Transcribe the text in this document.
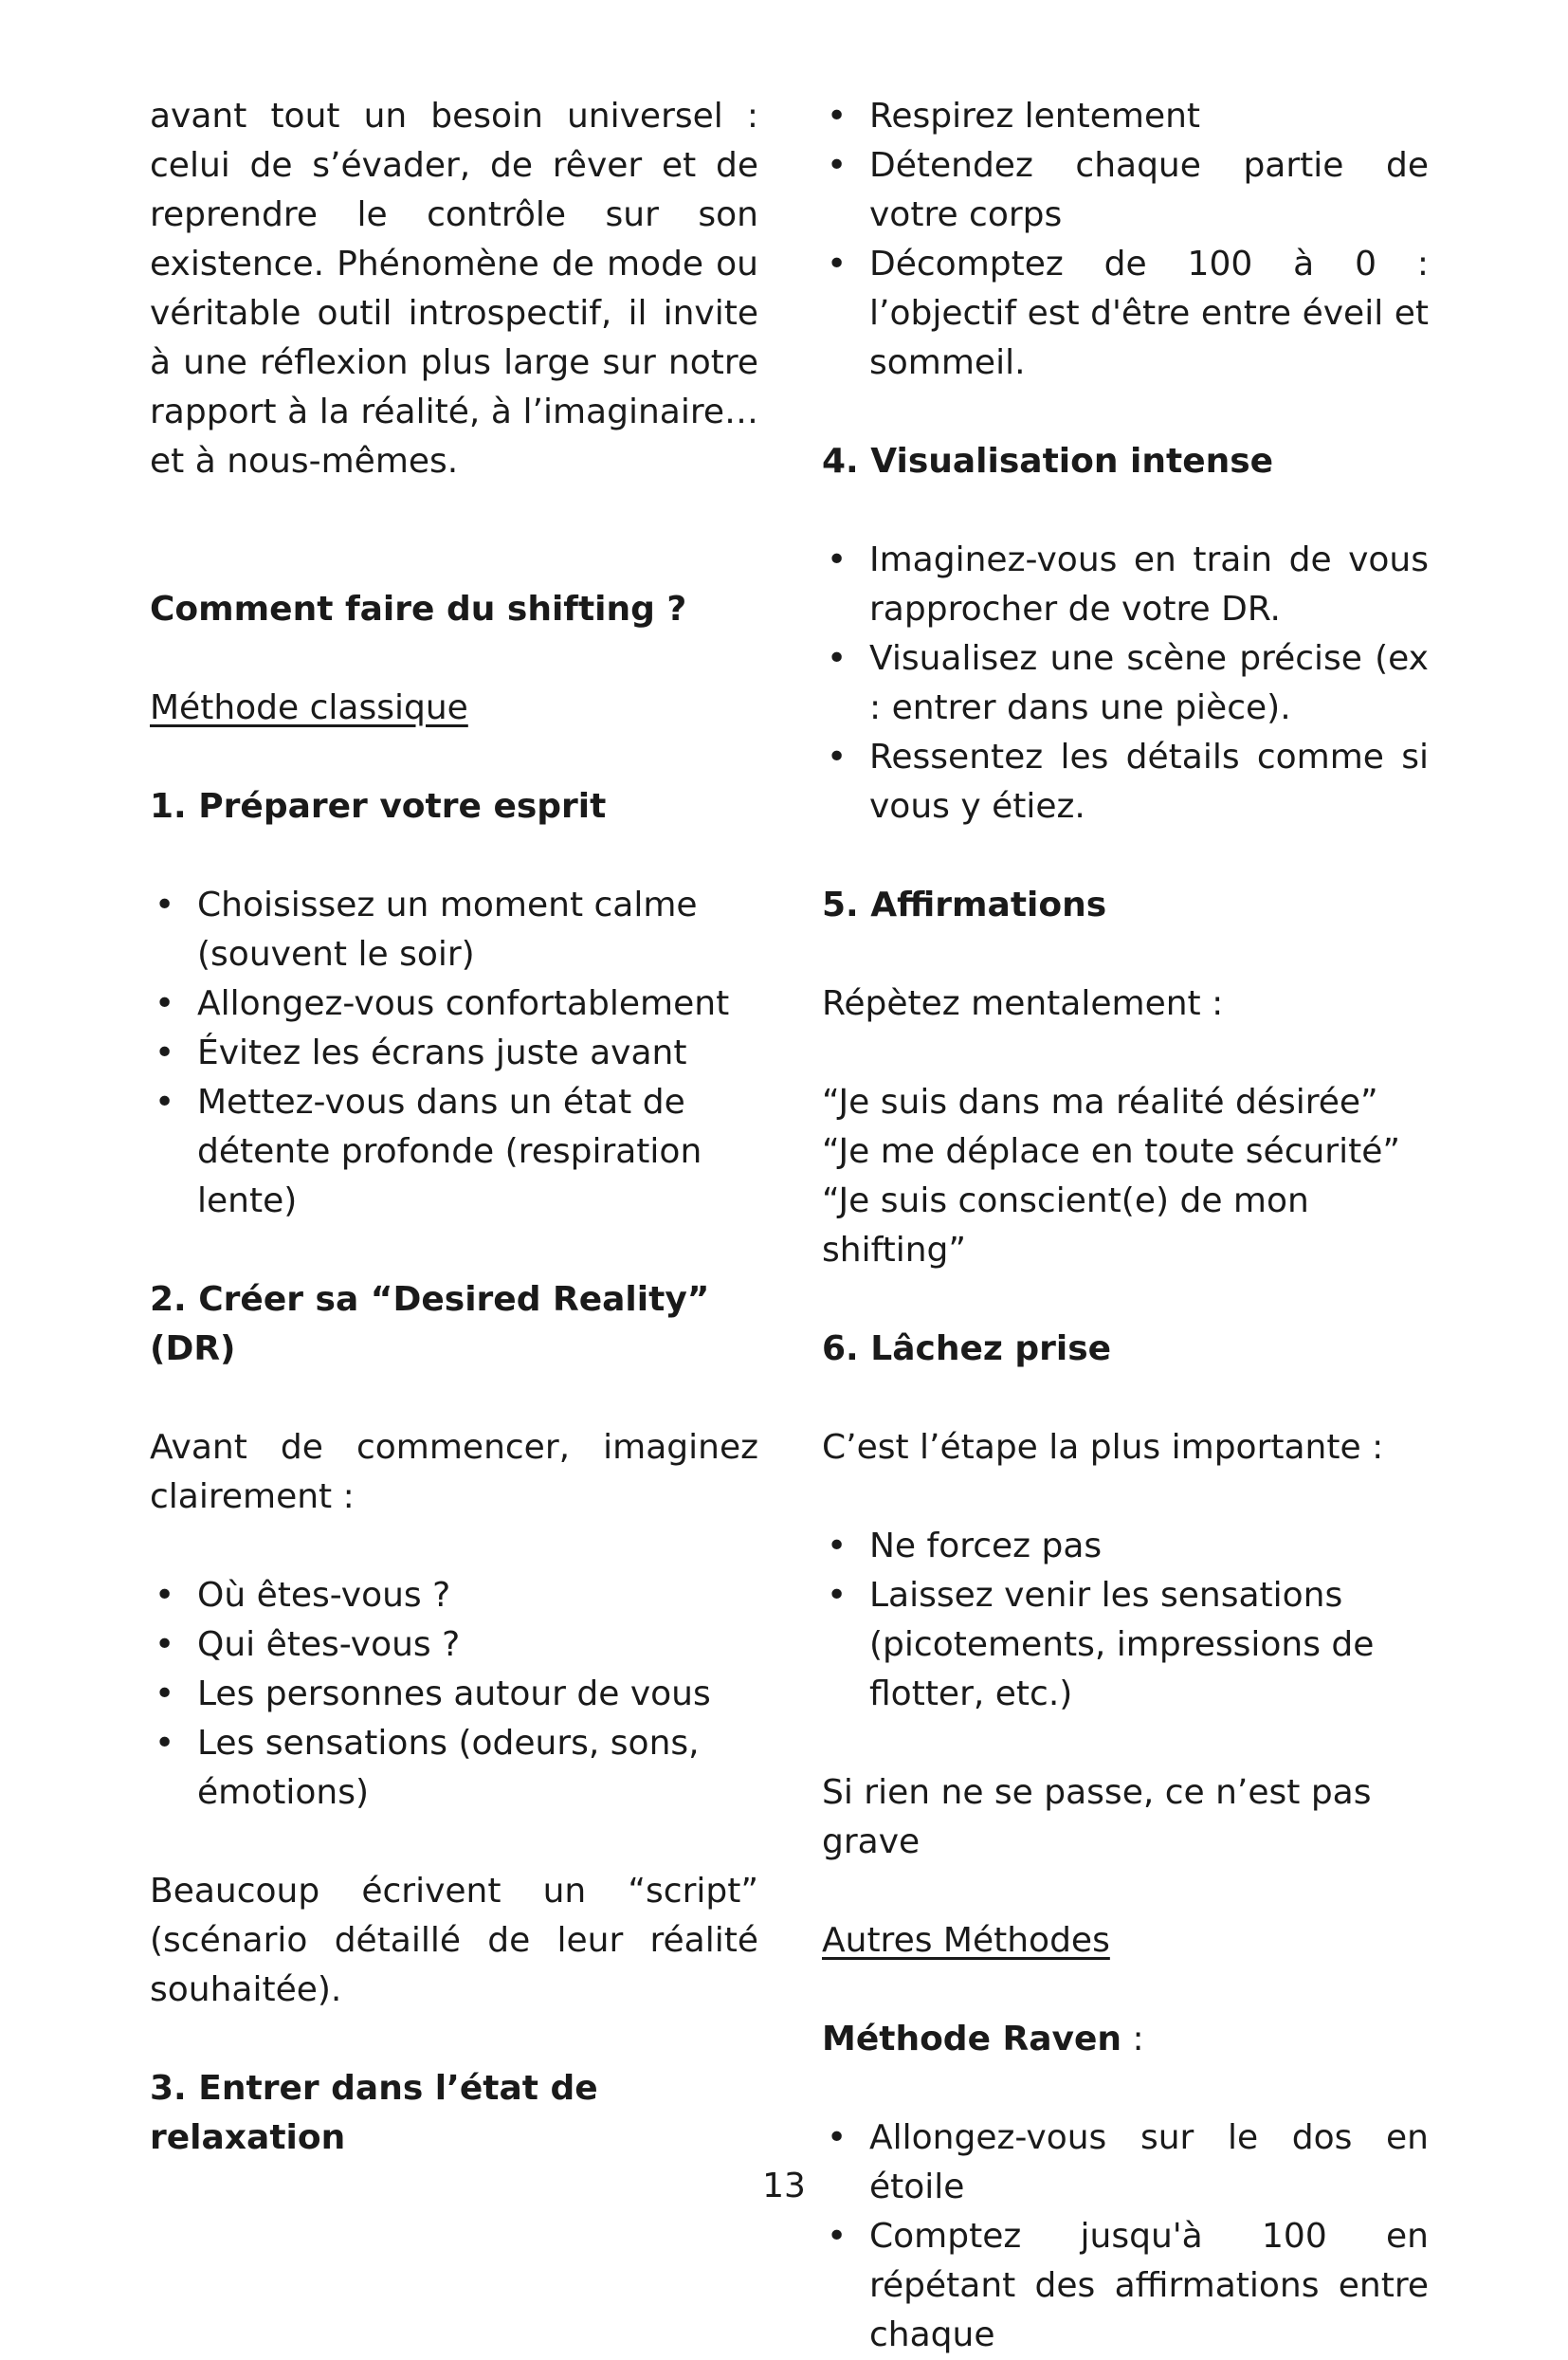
avant tout un besoin universel : celui de s’évader, de rêver et de reprendre le contrôle sur son existence. Phénomène de mode ou véritable outil introspectif, il invite à une réflexion plus large sur notre rapport à la réalité, à l’imaginaire… et à nous-mêmes.

Comment faire du shifting ?

Méthode classique

1. Préparer votre esprit

• Choisissez un moment calme (souvent le soir)
• Allongez-vous confortablement
• Évitez les écrans juste avant
• Mettez-vous dans un état de détente profonde (respiration lente)

2. Créer sa “Desired Reality” (DR)

Avant de commencer, imaginez clairement :

• Où êtes-vous ?
• Qui êtes-vous ?
• Les personnes autour de vous
• Les sensations (odeurs, sons, émotions)

Beaucoup écrivent un “script” (scénario détaillé de leur réalité souhaitée).

3. Entrer dans l’état de relaxation

• Respirez lentement
• Détendez chaque partie de votre corps
• Décomptez de 100 à 0 : l’objectif est d'être entre éveil et sommeil.

4. Visualisation intense

• Imaginez-vous en train de vous rapprocher de votre DR.
• Visualisez une scène précise (ex : entrer dans une pièce).
• Ressentez les détails comme si vous y étiez.

5. Affirmations

Répètez mentalement :

“Je suis dans ma réalité désirée”

“Je me déplace en toute sécurité”

“Je suis conscient(e) de mon shifting”

6. Lâchez prise

C’est l’étape la plus importante :

• Ne forcez pas
• Laissez venir les sensations (picotements, impressions de flotter, etc.)

Si rien ne se passe, ce n’est pas grave

Autres Méthodes

Méthode Raven :

• Allongez-vous sur le dos en étoile
• Comptez jusqu'à 100 en répétant des affirmations entre chaque
13
